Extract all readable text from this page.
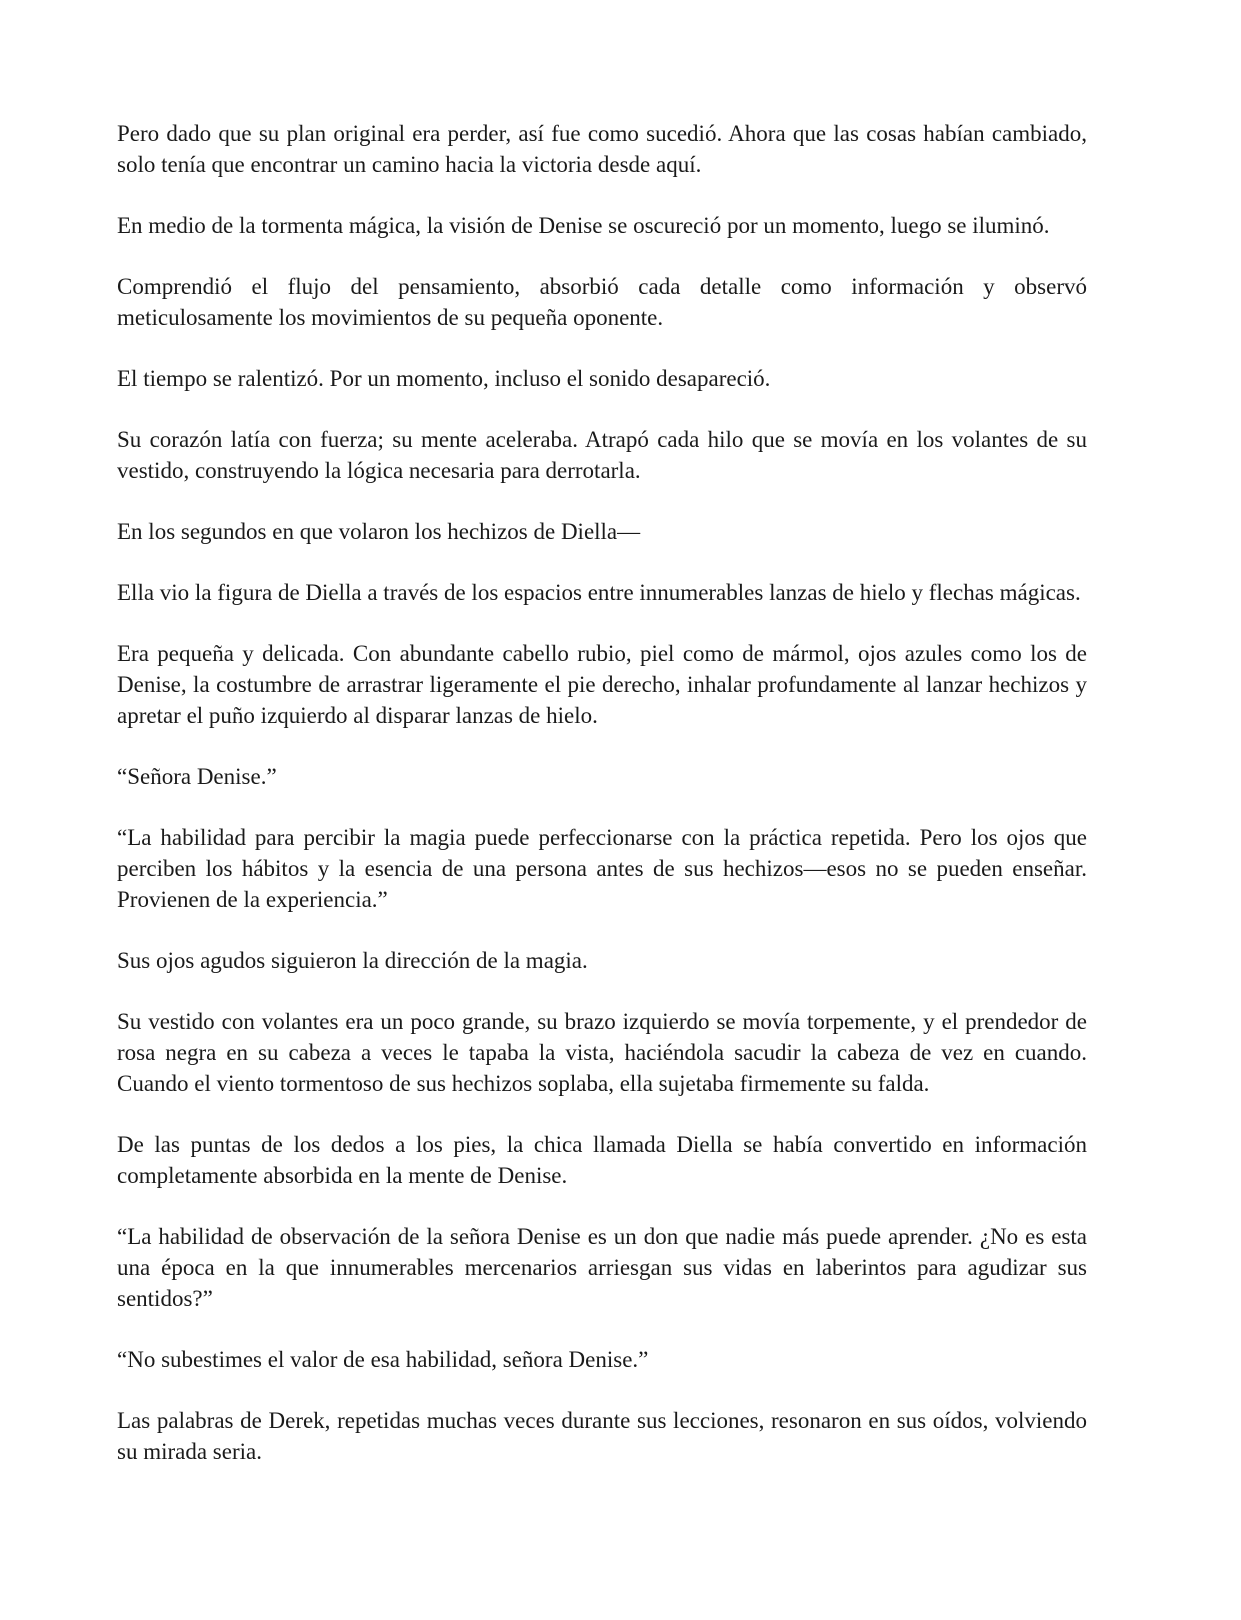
Pero dado que su plan original era perder, así fue como sucedió. Ahora que las cosas habían cambiado, solo tenía que encontrar un camino hacia la victoria desde aquí.

En medio de la tormenta mágica, la visión de Denise se oscureció por un momento, luego se iluminó.

Comprendió el flujo del pensamiento, absorbió cada detalle como información y observó meticulosamente los movimientos de su pequeña oponente.

El tiempo se ralentizó. Por un momento, incluso el sonido desapareció.

Su corazón latía con fuerza; su mente aceleraba. Atrapó cada hilo que se movía en los volantes de su vestido, construyendo la lógica necesaria para derrotarla.

En los segundos en que volaron los hechizos de Diella—

Ella vio la figura de Diella a través de los espacios entre innumerables lanzas de hielo y flechas mágicas.

Era pequeña y delicada. Con abundante cabello rubio, piel como de mármol, ojos azules como los de Denise, la costumbre de arrastrar ligeramente el pie derecho, inhalar profundamente al lanzar hechizos y apretar el puño izquierdo al disparar lanzas de hielo.

“Señora Denise.”

“La habilidad para percibir la magia puede perfeccionarse con la práctica repetida. Pero los ojos que perciben los hábitos y la esencia de una persona antes de sus hechizos—esos no se pueden enseñar. Provienen de la experiencia.”

Sus ojos agudos siguieron la dirección de la magia.

Su vestido con volantes era un poco grande, su brazo izquierdo se movía torpemente, y el prendedor de rosa negra en su cabeza a veces le tapaba la vista, haciéndola sacudir la cabeza de vez en cuando. Cuando el viento tormentoso de sus hechizos soplaba, ella sujetaba firmemente su falda.

De las puntas de los dedos a los pies, la chica llamada Diella se había convertido en información completamente absorbida en la mente de Denise.

“La habilidad de observación de la señora Denise es un don que nadie más puede aprender. ¿No es esta una época en la que innumerables mercenarios arriesgan sus vidas en laberintos para agudizar sus sentidos?”

“No subestimes el valor de esa habilidad, señora Denise.”

Las palabras de Derek, repetidas muchas veces durante sus lecciones, resonaron en sus oídos, volviendo su mirada seria.
